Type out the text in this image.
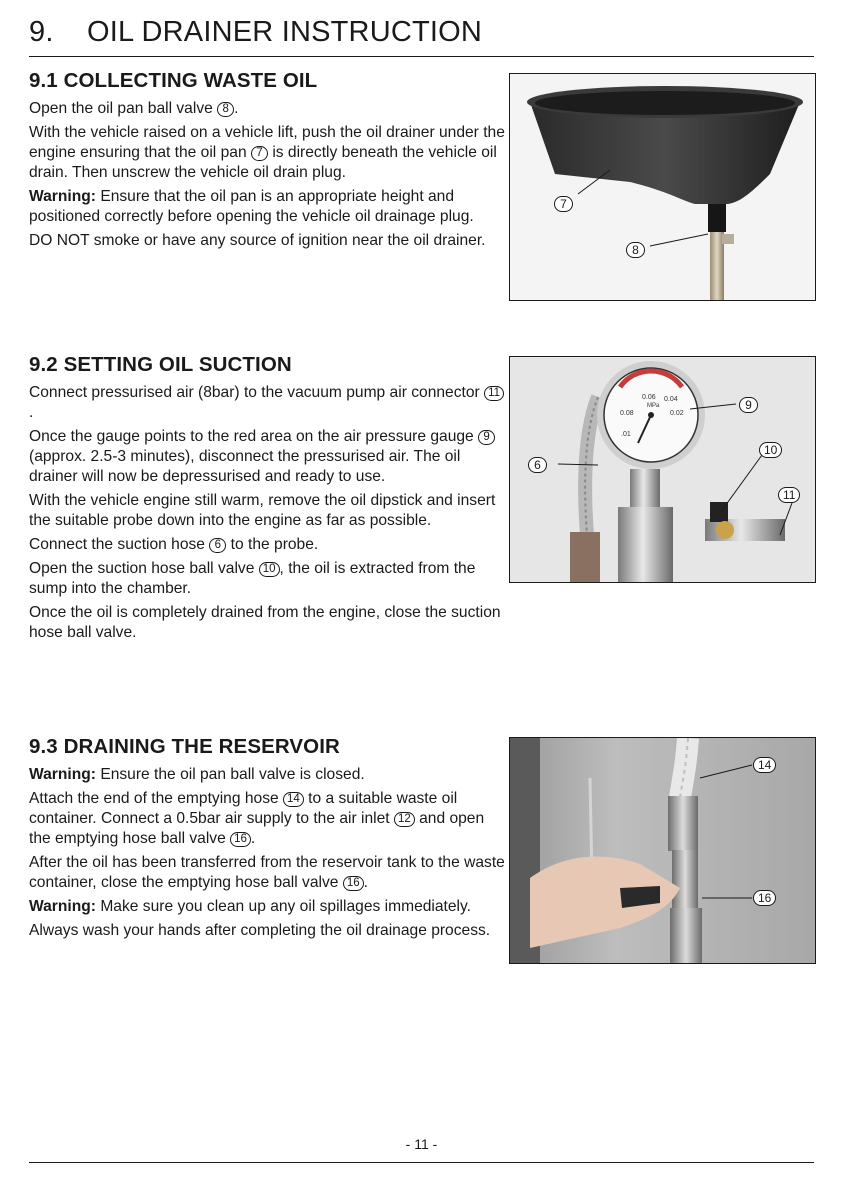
9. OIL DRAINER INSTRUCTION
9.1 COLLECTING WASTE OIL

Open the oil pan ball valve 8 .

With the vehicle raised on a vehicle lift, push the oil drainer under the engine ensuring that the oil pan 7 is directly beneath the vehicle oil drain. Then unscrew the vehicle oil drain plug.

Warning: Ensure that the oil pan is an appropriate height and positioned correctly before opening the vehicle oil drainage plug.

DO NOT smoke or have any source of ignition near the oil drainer.

7
8
9.2 SETTING OIL SUCTION

Connect pressurised air (8bar) to the vacuum pump air connector 11.

Once the gauge points to the red area on the air pressure gauge 9 (approx. 2.5-3 minutes), disconnect the pressurised air. The oil drainer will now be depressurised and ready to use.

With the vehicle engine still warm, remove the oil dipstick and insert the suitable probe down into the engine as far as possible.

Connect the suction hose 6 to the probe.

Open the suction hose ball valve 10 , the oil is extracted from the sump into the chamber.

Once the oil is completely drained from the engine, close the suction hose ball valve.

0.06 0.04
0.02
0.08
.01
MPa
6
9
10
11
9.3 DRAINING THE RESERVOIR

Warning: Ensure the oil pan ball valve is closed.

Attach the end of the emptying hose 14 to a suitable waste oil container. Connect a 0.5bar air supply to the air inlet 12 and open the emptying hose ball valve 16 .

After the oil has been transferred from the reservoir tank to the waste container, close the emptying hose ball valve 16 .

Warning: Make sure you clean up any oil spillages immediately.

Always wash your hands after completing the oil drainage process.

14
16
- 11 -
